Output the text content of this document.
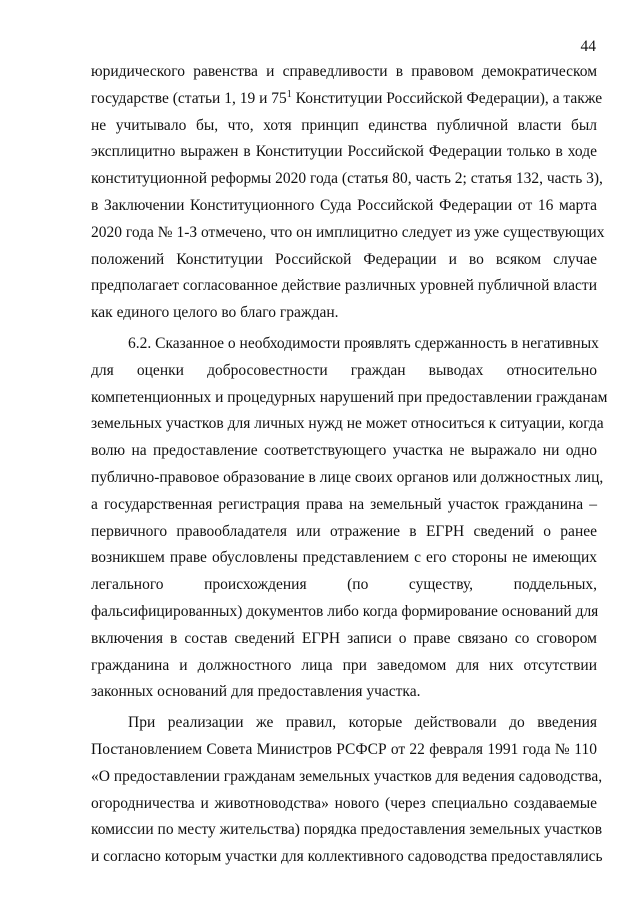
44
юридического равенства и справедливости в правовом демократическом
государстве (статьи 1, 19 и $75^1$ Конституции Российской Федерации), а также
не учитывало бы, что, хотя принцип единства публичной власти был
эксплицитно выражен в Конституции Российской Федерации только в ходе
конституционной реформы 2020 года (статья 80, часть 2; статья 132, часть 3),
в Заключении Конституционного Суда Российской Федерации от 16 марта
2020 года № 1-З отмечено, что он имплицитно следует из уже существующих
положений Конституции Российской Федерации и во всяком случае
предполагает согласованное действие различных уровней публичной власти
как единого целого во благо граждан.
6.2. Сказанное о необходимости проявлять сдержанность в негативных
для оценки добросовестности граждан выводах относительно
компетенционных и процедурных нарушений при предоставлении гражданам
земельных участков для личных нужд не может относиться к ситуации, когда
волю на предоставление соответствующего участка не выражало ни одно
публично-правовое образование в лице своих органов или должностных лиц,
а государственная регистрация права на земельный участок гражданина –
первичного правообладателя или отражение в ЕГРН сведений о ранее
возникшем праве обусловлены представлением с его стороны не имеющих
легального происхождения (по существу, поддельных,
фальсифицированных) документов либо когда формирование оснований для
включения в состав сведений ЕГРН записи о праве связано со сговором
гражданина и должностного лица при заведомом для них отсутствии
законных оснований для предоставления участка.
При реализации же правил, которые действовали до введения
Постановлением Совета Министров РСФСР от 22 февраля 1991 года № 110
«О предоставлении гражданам земельных участков для ведения садоводства,
огородничества и животноводства» нового (через специально создаваемые
комиссии по месту жительства) порядка предоставления земельных участков
и согласно которым участки для коллективного садоводства предоставлялись
